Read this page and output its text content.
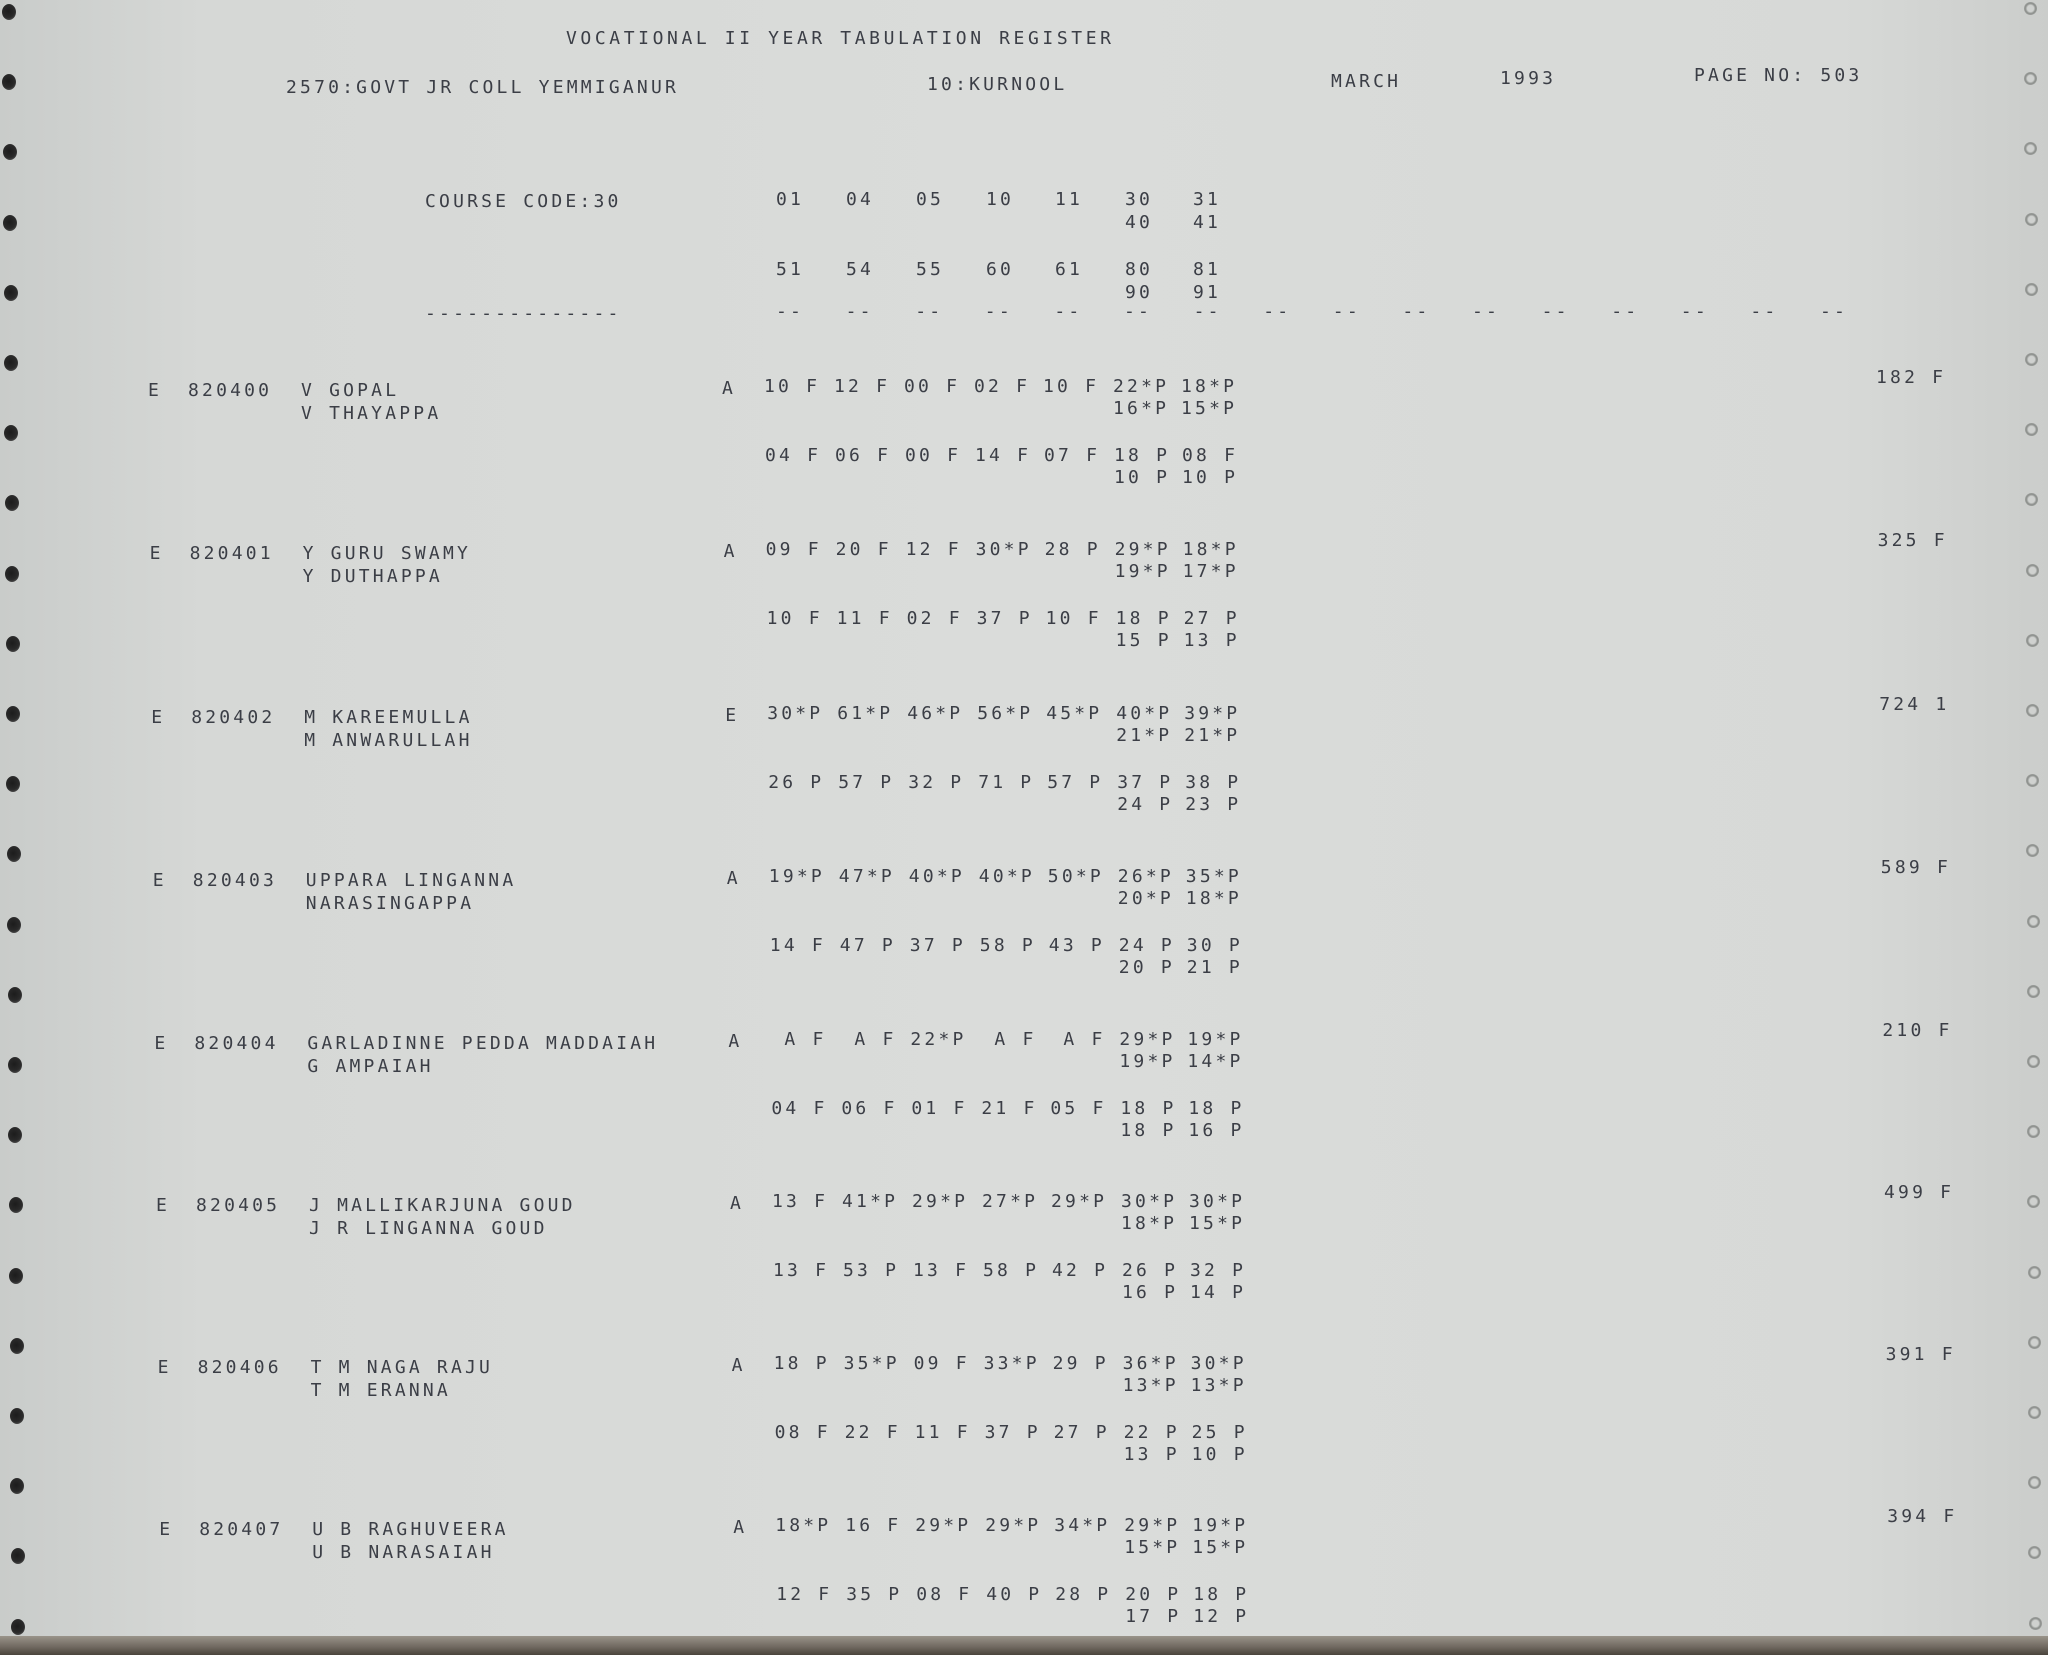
VOCATIONAL II YEAR TABULATION REGISTER
2570:GOVT JR COLL YEMMIGANUR	10:KURNOOL	MARCH	1993	PAGE NO: 503
COURSE CODE:30
--------------
01 04 05 10 11 30 31
40 41
51 54 55 60 61 80 81
90 91
-- -- -- -- -- -- -- -- -- -- -- -- -- -- -- --
E 820400 V GOPAL
V THAYAPPA
A 10 F 12 F 00 F 02 F 10 F 22*P 18*P
16*P 15*P
04 F 06 F 00 F 14 F 07 F 18 P 08 F
10 P 10 P
182 F
E 820401 Y GURU SWAMY
Y DUTHAPPA
A 09 F 20 F 12 F 30*P 28 P 29*P 18*P
19*P 17*P
10 F 11 F 02 F 37 P 10 F 18 P 27 P
15 P 13 P
325 F
E 820402 M KAREEMULLA
M ANWARULLAH
E 30*P 61*P 46*P 56*P 45*P 40*P 39*P
21*P 21*P
26 P 57 P 32 P 71 P 57 P 37 P 38 P
24 P 23 P
724 1
E 820403 UPPARA LINGANNA
NARASINGAPPA
A 19*P 47*P 40*P 40*P 50*P 26*P 35*P
20*P 18*P
14 F 47 P 37 P 58 P 43 P 24 P 30 P
20 P 21 P
589 F
E 820404 GARLADINNE PEDDA MADDAIAH
G AMPAIAH
A A F A F 22*P A F A F 29*P 19*P
19*P 14*P
04 F 06 F 01 F 21 F 05 F 18 P 18 P
18 P 16 P
210 F
E 820405 J MALLIKARJUNA GOUD
J R LINGANNA GOUD
A 13 F 41*P 29*P 27*P 29*P 30*P 30*P
18*P 15*P
13 F 53 P 13 F 58 P 42 P 26 P 32 P
16 P 14 P
499 F
E 820406 T M NAGA RAJU
T M ERANNA
A 18 P 35*P 09 F 33*P 29 P 36*P 30*P
13*P 13*P
08 F 22 F 11 F 37 P 27 P 22 P 25 P
13 P 10 P
391 F
E 820407 U B RAGHUVEERA
U B NARASAIAH
A 18*P 16 F 29*P 29*P 34*P 29*P 19*P
15*P 15*P
12 F 35 P 08 F 40 P 28 P 20 P 18 P
17 P 12 P
394 F
